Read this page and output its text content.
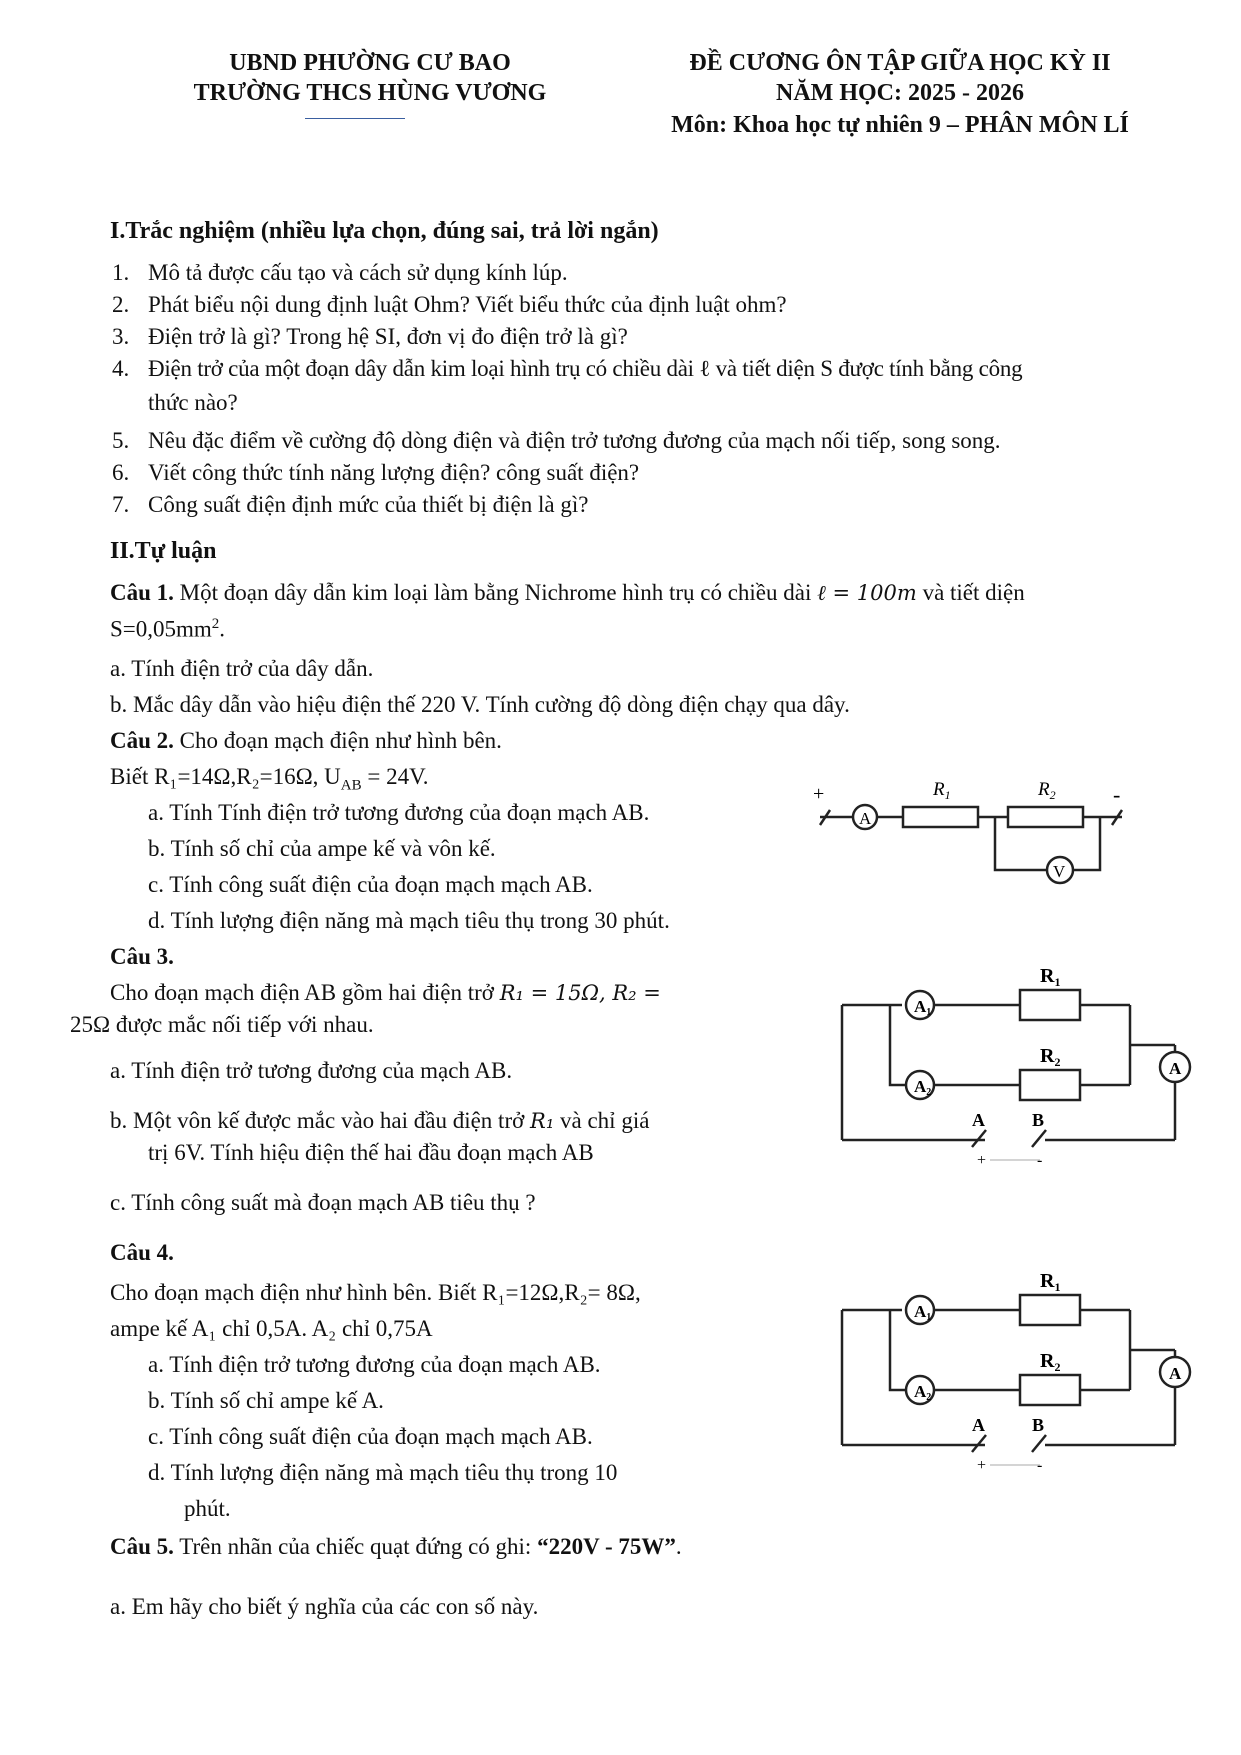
UBND PHƯỜNG CƯ BAO
TRƯỜNG THCS HÙNG VƯƠNG
ĐỀ CƯƠNG ÔN TẬP GIỮA HỌC KỲ II
NĂM HỌC: 2025 - 2026
Môn: Khoa học tự nhiên 9 – PHÂN MÔN LÍ
I.Trắc nghiệm (nhiều lựa chọn, đúng sai, trả lời ngắn)
1. Mô tả được cấu tạo và cách sử dụng kính lúp.
2. Phát biểu nội dung định luật Ohm? Viết biểu thức của định luật ohm?
3. Điện trở là gì? Trong hệ SI, đơn vị đo điện trở là gì?
4. Điện trở của một đoạn dây dẫn kim loại hình trụ có chiều dài ℓ và tiết diện S được tính bằng công
thức nào?
5. Nêu đặc điểm về cường độ dòng điện và điện trở tương đương của mạch nối tiếp, song song.
6. Viết công thức tính năng lượng điện? công suất điện?
7. Công suất điện định mức của thiết bị điện là gì?
II.Tự luận
Câu 1. Một đoạn dây dẫn kim loại làm bằng Nichrome hình trụ có chiều dài ℓ = 100m và tiết diện
$S=0,05mm^2$.
a. Tính điện trở của dây dẫn.
b. Mắc dây dẫn vào hiệu điện thế 220 V. Tính cường độ dòng điện chạy qua dây.
Câu 2. Cho đoạn mạch điện như hình bên.
Biết R₁=14Ω,R₂=16Ω, $U_{AB} = 24V$.
a. Tính Tính điện trở tương đương của đoạn mạch AB.
b. Tính số chỉ của ampe kế và vôn kế.
c. Tính công suất điện của đoạn mạch mạch AB.
d. Tính lượng điện năng mà mạch tiêu thụ trong 30 phút.
+	-
A
V
$R_1$	$R_2$
Câu 3.
Cho đoạn mạch điện AB gồm hai điện trở R₁ = 15Ω, R₂ =
25Ω được mắc nối tiếp với nhau.
a. Tính điện trở tương đương của mạch AB.
b. Một vôn kế được mắc vào hai đầu điện trở R₁ và chỉ giá
trị 6V. Tính hiệu điện thế hai đầu đoạn mạch AB
c. Tính công suất mà đoạn mạch AB tiêu thụ ?
A1
A2
A
$R_1$
$R_2$
A	B
+	-
Câu 4.
Cho đoạn mạch điện như hình bên. Biết R₁=12Ω,R₂= 8Ω,
ampe kế A₁ chỉ 0,5A. A₂ chỉ 0,75A
a. Tính điện trở tương đương của đoạn mạch AB.
b. Tính số chỉ ampe kế A.
c. Tính công suất điện của đoạn mạch mạch AB.
d. Tính lượng điện năng mà mạch tiêu thụ trong 10
phút.
A1
A2
A
$R_1$
$R_2$
A	B
+	-
Câu 5. Trên nhãn của chiếc quạt đứng có ghi: “220V - 75W”.
a. Em hãy cho biết ý nghĩa của các con số này.
